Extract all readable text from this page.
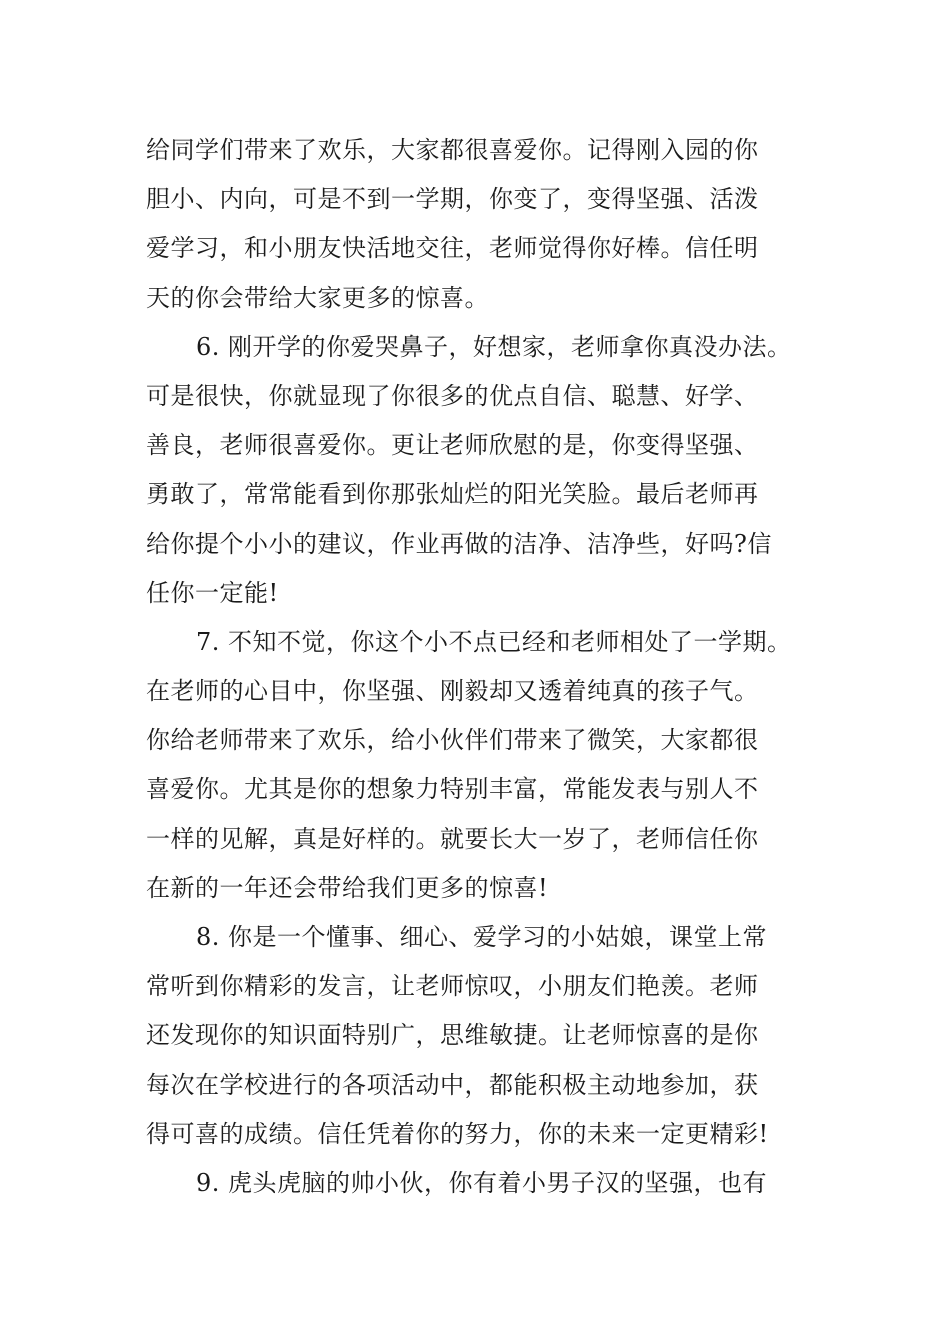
给同学们带来了欢乐，大家都很喜爱你。记得刚入园的你
胆小、内向，可是不到一学期，你变了，变得坚强、活泼
爱学习，和小朋友快活地交往，老师觉得你好棒。信任明
天的你会带给大家更多的惊喜。
6. 刚开学的你爱哭鼻子，好想家，老师拿你真没办法。
可是很快，你就显现了你很多的优点自信、聪慧、好学、
善良，老师很喜爱你。更让老师欣慰的是，你变得坚强、
勇敢了，常常能看到你那张灿烂的阳光笑脸。最后老师再
给你提个小小的建议，作业再做的洁净、洁净些，好吗?信
任你一定能!
7. 不知不觉，你这个小不点已经和老师相处了一学期。
在老师的心目中，你坚强、刚毅却又透着纯真的孩子气。
你给老师带来了欢乐，给小伙伴们带来了微笑，大家都很
喜爱你。尤其是你的想象力特别丰富，常能发表与别人不
一样的见解，真是好样的。就要长大一岁了，老师信任你
在新的一年还会带给我们更多的惊喜!
8. 你是一个懂事、细心、爱学习的小姑娘，课堂上常
常听到你精彩的发言，让老师惊叹，小朋友们艳羡。老师
还发现你的知识面特别广，思维敏捷。让老师惊喜的是你
每次在学校进行的各项活动中，都能积极主动地参加，获
得可喜的成绩。信任凭着你的努力，你的未来一定更精彩!
9. 虎头虎脑的帅小伙，你有着小男子汉的坚强，也有
